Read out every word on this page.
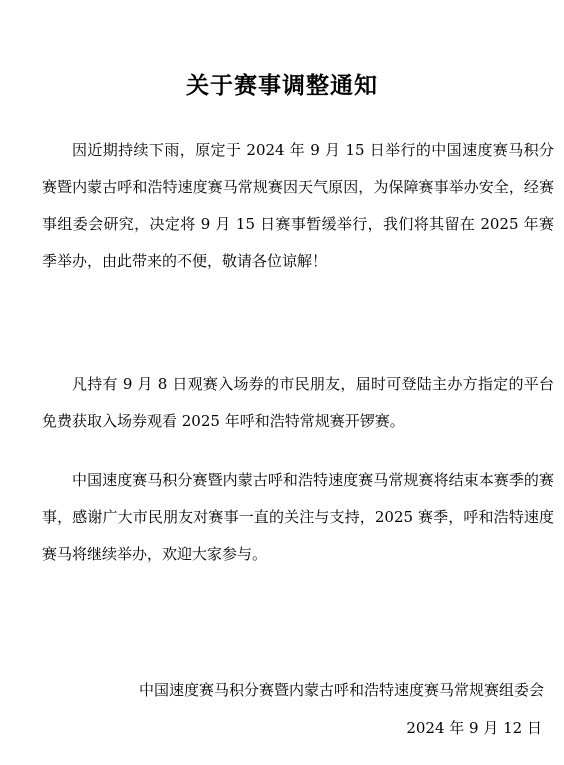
关于赛事调整通知

因近期持续下雨，原定于 2024 年 9 月 15 日举行的中国速度赛马积分赛暨内蒙古呼和浩特速度赛马常规赛因天气原因，为保障赛事举办安全，经赛事组委会研究，决定将 9 月 15 日赛事暂缓举行，我们将其留在 2025 年赛季举办，由此带来的不便，敬请各位谅解！

凡持有 9 月 8 日观赛入场券的市民朋友，届时可登陆主办方指定的平台免费获取入场券观看 2025 年呼和浩特常规赛开锣赛。

中国速度赛马积分赛暨内蒙古呼和浩特速度赛马常规赛将结束本赛季的赛事，感谢广大市民朋友对赛事一直的关注与支持，2025 赛季，呼和浩特速度赛马将继续举办，欢迎大家参与。

中国速度赛马积分赛暨内蒙古呼和浩特速度赛马常规赛组委会

2024 年 9 月 12 日
